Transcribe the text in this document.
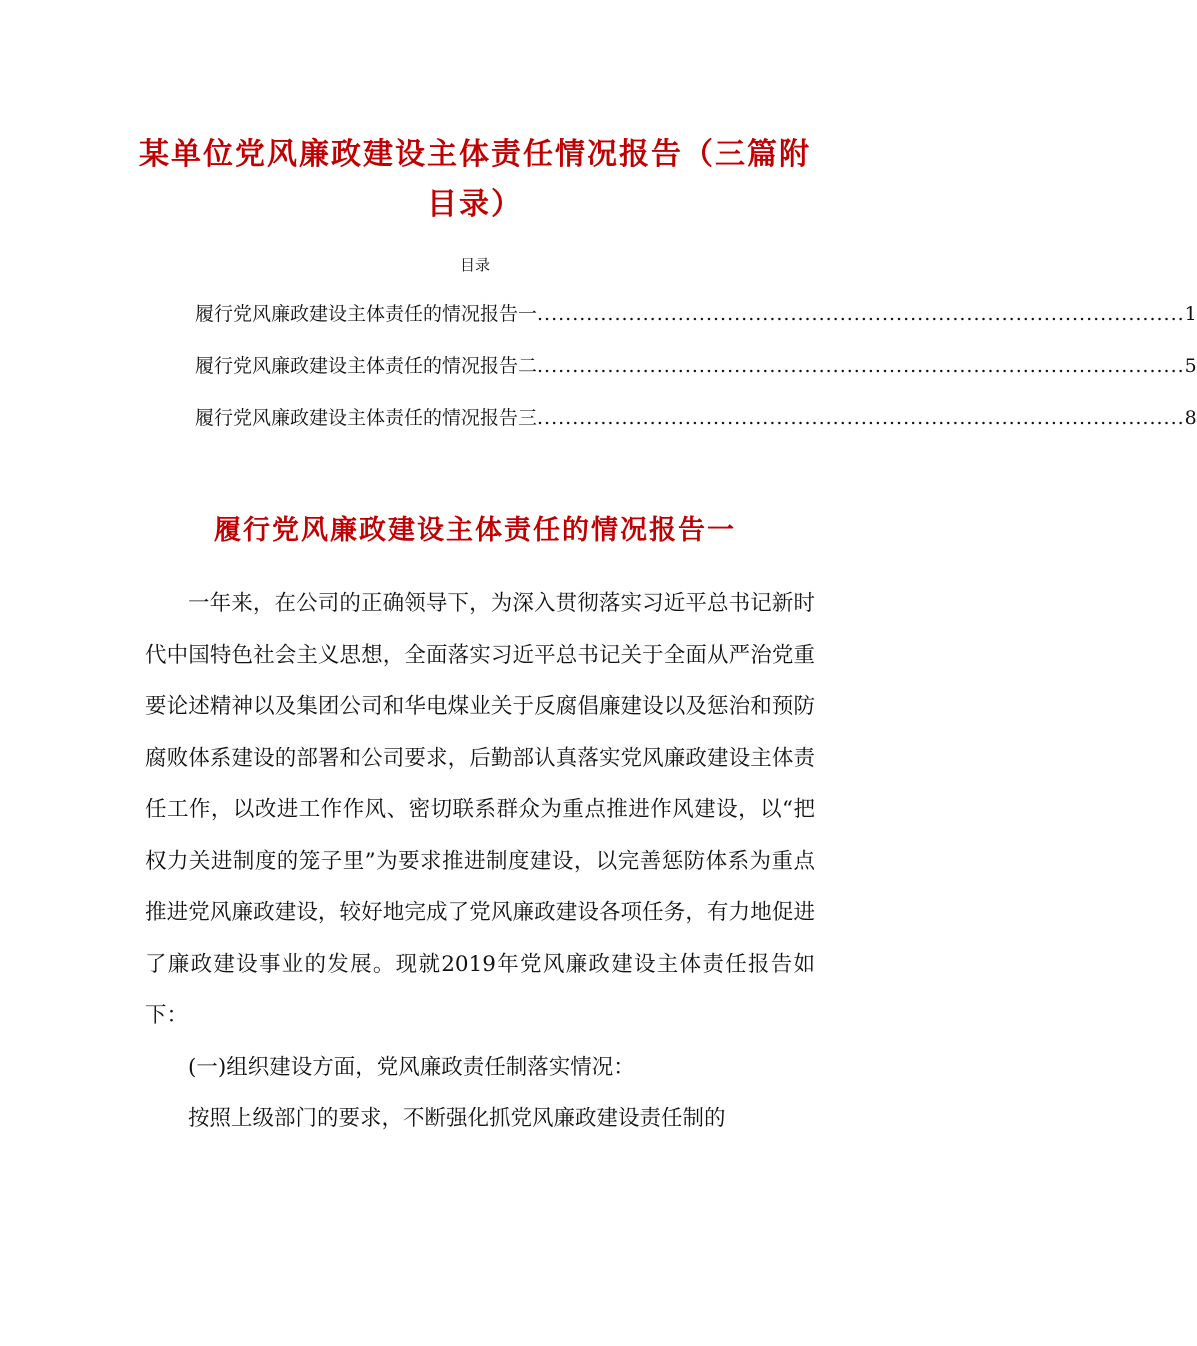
某单位党风廉政建设主体责任情况报告（三篇附目录）
目录
履行党风廉政建设主体责任的情况报告一 ............................................................................................ 1
履行党风廉政建设主体责任的情况报告二 ............................................................................................ 5
履行党风廉政建设主体责任的情况报告三 ............................................................................................ 8
履行党风廉政建设主体责任的情况报告一

一年来，在公司的正确领导下，为深入贯彻落实习近平总书记新时代中国特色社会主义思想，全面落实习近平总书记关于全面从严治党重要论述精神以及集团公司和华电煤业关于反腐倡廉建设以及惩治和预防腐败体系建设的部署和公司要求，后勤部认真落实党风廉政建设主体责任工作，以改进工作作风、密切联系群众为重点推进作风建设，以“把权力关进制度的笼子里”为要求推进制度建设，以完善惩防体系为重点推进党风廉政建设，较好地完成了党风廉政建设各项任务，有力地促进了廉政建设事业的发展。现就2019年党风廉政建设主体责任报告如下：

(一)组织建设方面，党风廉政责任制落实情况：

按照上级部门的要求，不断强化抓党风廉政建设责任制的
